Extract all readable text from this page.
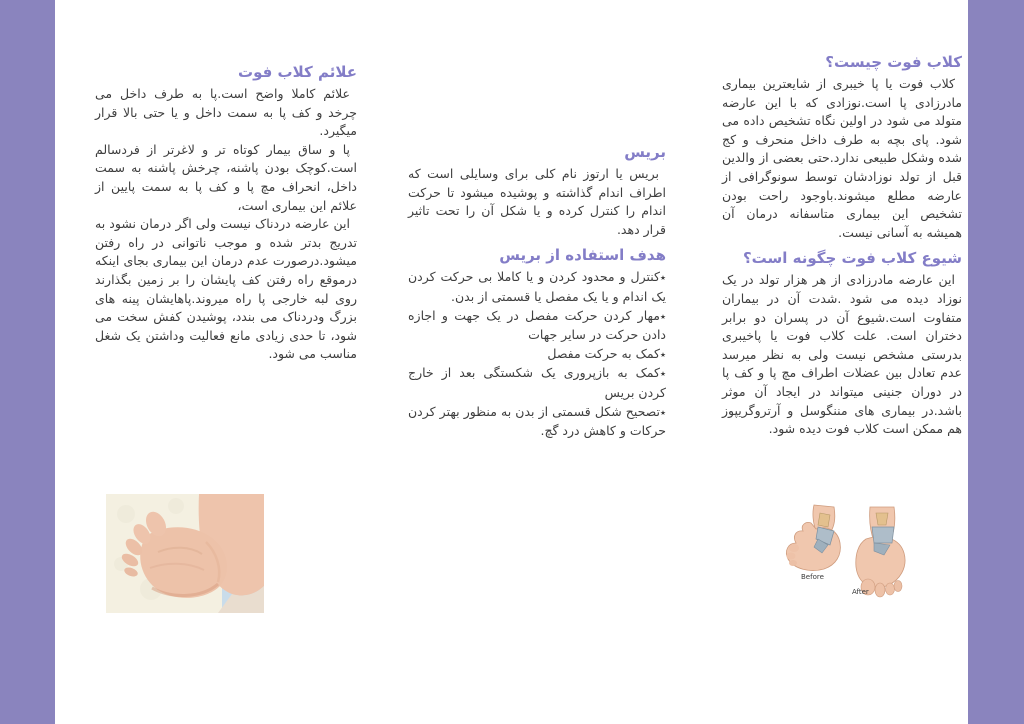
کلاب فوت چیست؟

کلاب فوت یا پا خیبری از شایعترین بیماری مادرزادی پا است.نوزادی که با این عارضه متولد می شود در اولین نگاه تشخیص داده می شود. پای بچه به طرف داخل منحرف و کج شده وشکل طبیعی ندارد.حتی بعضی از والدین قبل از تولد نوزادشان توسط سونوگرافی از عارضه مطلع میشوند.باوجود راحت بودن تشخیص این بیماری متاسفانه درمان آن همیشه به آسانی نیست.

شیوع کلاب فوت چگونه است؟

این عارضه مادرزادی از هر هزار تولد در یک نوزاد دیده می شود .شدت آن در بیماران متفاوت است.شیوع آن در پسران دو برابر دختران است. علت کلاب فوت یا پاخیبری بدرستی مشخص نیست ولی به نظر میرسد عدم تعادل بین عضلات اطراف مچ پا و کف پا در دوران جنینی میتواند در ایجاد آن موثر باشد.در بیماری های مننگوسل و آرتروگریپوز هم ممکن است کلاب فوت دیده شود.

بریس

بریس یا ارتوز نام کلی برای وسایلی است که اطراف اندام گذاشته و پوشیده میشود تا حرکت اندام را کنترل کرده و یا شکل آن را تحت تاثیر قرار دهد.

هدف استفاده از بریس
٭کنترل و محدود کردن و یا کاملا بی حرکت کردن یک اندام و یا یک مفصل یا قسمتی از بدن.
٭مهار کردن حرکت مفصل در یک جهت و اجازه دادن حرکت در سایر جهات
٭کمک به حرکت مفصل
٭کمک به بازپروری یک شکستگی بعد از خارج کردن بریس
٭تصحیح شکل قسمتی از بدن به منظور بهتر کردن حرکات و کاهش درد گچ.
علائم کلاب فوت

علائم کاملا واضح است.پا به طرف داخل می چرخد و کف پا به سمت داخل و یا حتی بالا قرار میگیرد.

پا و ساق بیمار کوتاه تر و لاغرتر از فردسالم است.کوچک بودن پاشنه، چرخش پاشنه به سمت داخل، انحراف مچ پا و کف پا به سمت پایین از علائم این بیماری است،

این عارضه دردناک نیست ولی اگر درمان نشود به تدریج بدتر شده و موجب ناتوانی در راه رفتن میشود.درصورت عدم درمان این بیماری بجای اینکه درموقع راه رفتن کف پایشان را بر زمین بگذارند روی لبه خارجی پا راه میروند.پاهایشان پینه های بزرگ ودردناک می بندد، پوشیدن کفش سخت می شود، تا حدی زیادی مانع فعالیت وداشتن یک شغل مناسب می شود.

Before
After
